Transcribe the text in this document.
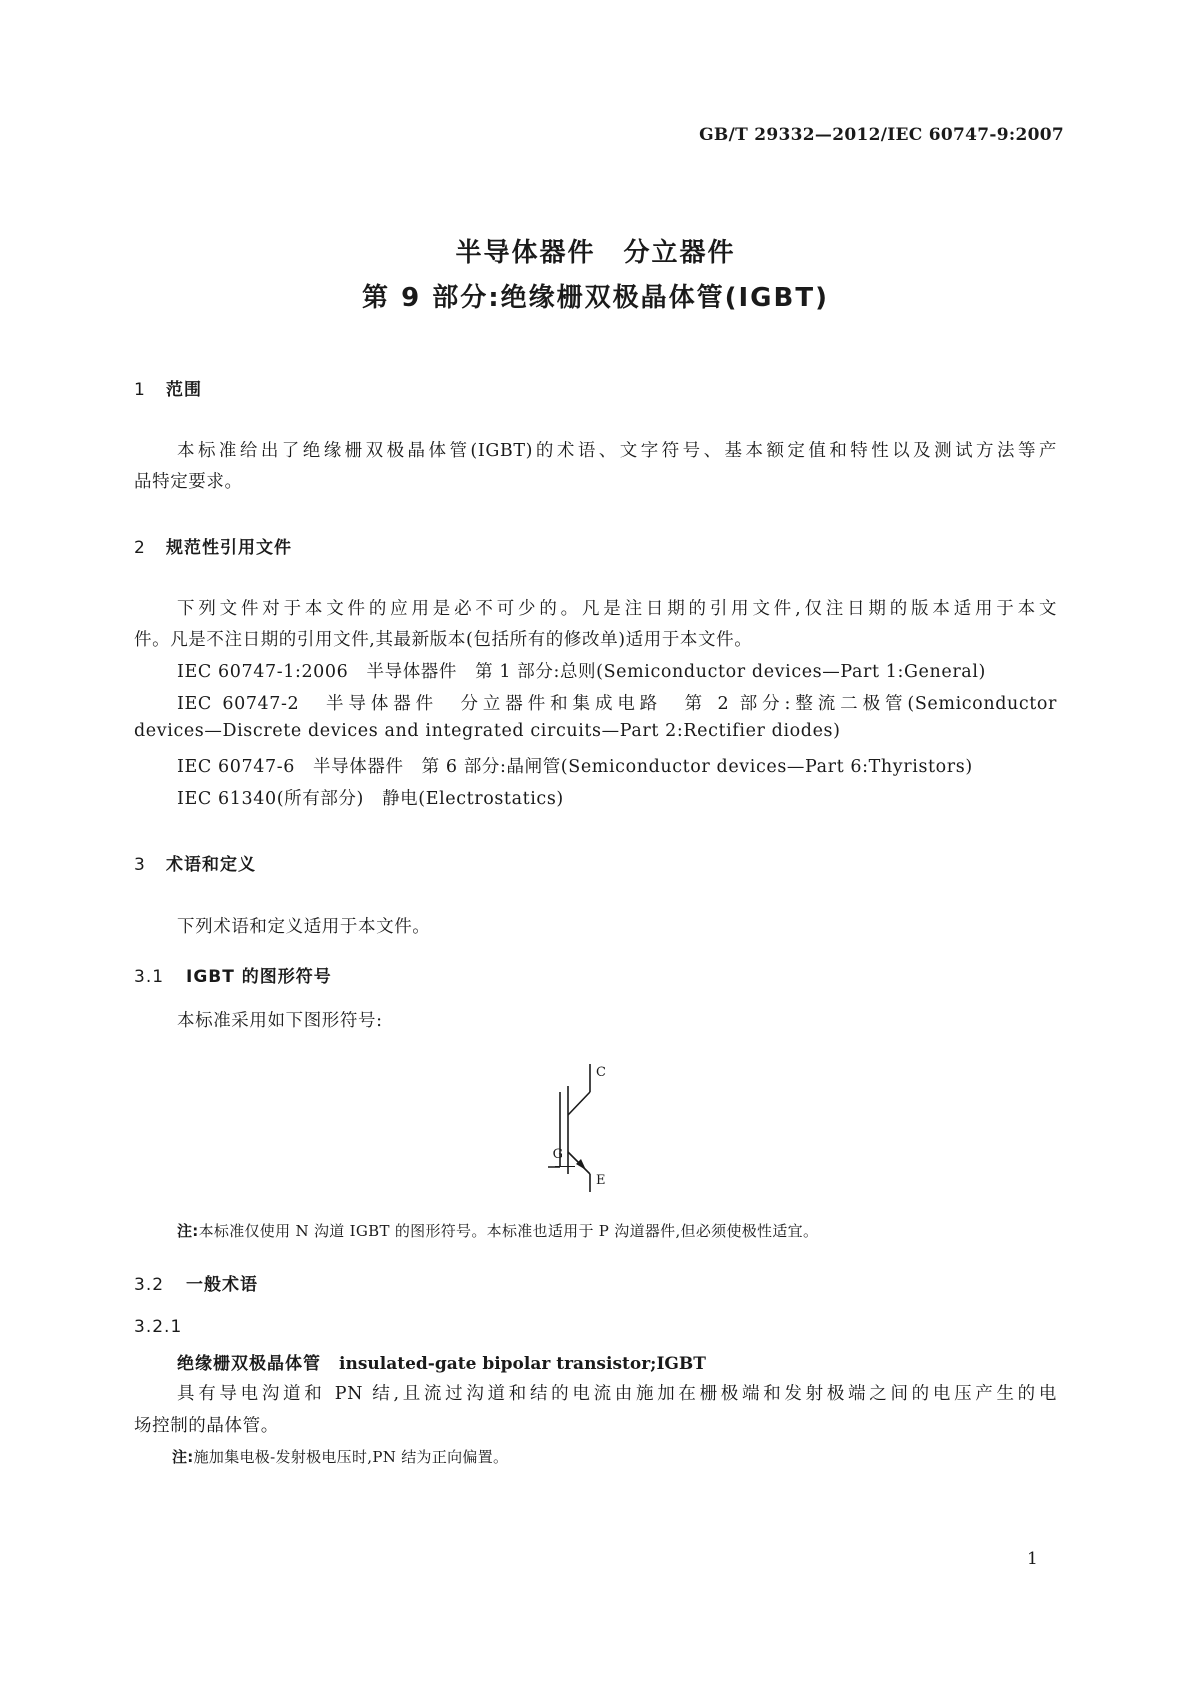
GB/T 29332—2012/IEC 60747-9:2007
半导体器件　分立器件
第 9 部分:绝缘栅双极晶体管(IGBT)
1 范围
本标准给出了绝缘栅双极晶体管(IGBT)的术语、文字符号、基本额定值和特性以及测试方法等产
品特定要求。
2 规范性引用文件
下列文件对于本文件的应用是必不可少的。凡是注日期的引用文件,仅注日期的版本适用于本文
件。凡是不注日期的引用文件,其最新版本(包括所有的修改单)适用于本文件。
IEC 60747-1:2006　半导体器件　第 1 部分:总则(Semiconductor devices—Part 1:General)
IEC 60747-2　半导体器件　分立器件和集成电路　第 2 部分:整流二极管(Semiconductor
devices—Discrete devices and integrated circuits—Part 2:Rectifier diodes)
IEC 60747-6　半导体器件　第 6 部分:晶闸管(Semiconductor devices—Part 6:Thyristors)
IEC 61340(所有部分)　静电(Electrostatics)
3 术语和定义
下列术语和定义适用于本文件。
3.1 IGBT 的图形符号
本标准采用如下图形符号:
C
G
E
注:本标准仅使用 N 沟道 IGBT 的图形符号。本标准也适用于 P 沟道器件,但必须使极性适宜。
3.2 一般术语
3.2.1
绝缘栅双极晶体管 insulated-gate bipolar transistor;IGBT
具有导电沟道和 PN 结,且流过沟道和结的电流由施加在栅极端和发射极端之间的电压产生的电
场控制的晶体管。
注:施加集电极-发射极电压时,PN 结为正向偏置。
1
